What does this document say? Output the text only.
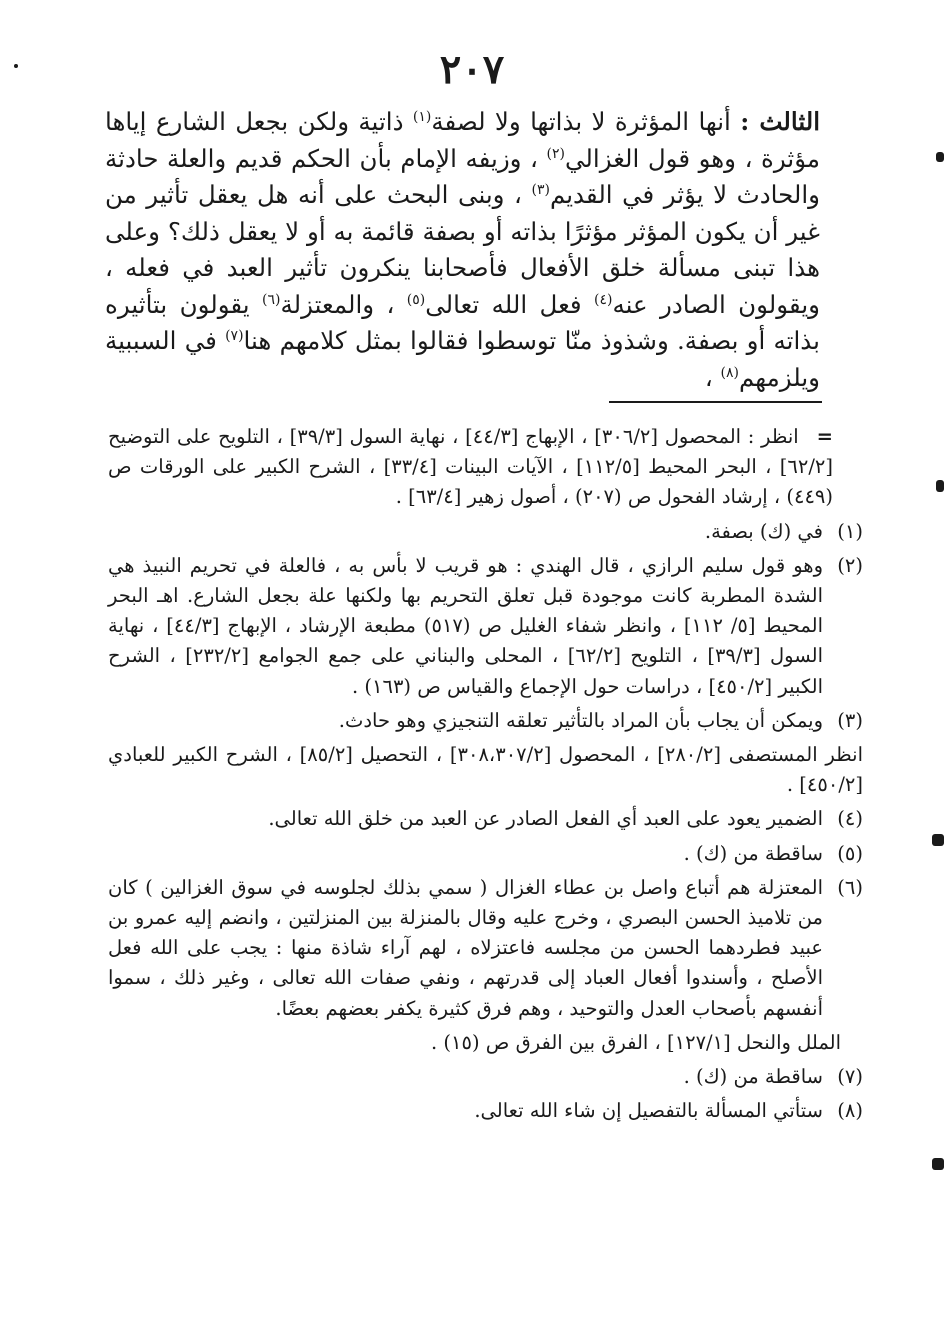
٢٠٧
الثالث : أنها المؤثرة لا بذاتها ولا لصفة$^{(١)}$ ذاتية ولكن بجعل الشارع إياها مؤثرة ، وهو قول الغزالي$^{(٢)}$ ، وزيفه الإمام بأن الحكم قديم والعلة حادثة والحادث لا يؤثر في القديم$^{(٣)}$ ، وبنى البحث على أنه هل يعقل تأثير من غير أن يكون المؤثر مؤثرًا بذاته أو بصفة قائمة به أو لا يعقل ذلك؟ وعلى هذا تبنى مسألة خلق الأفعال فأصحابنا ينكرون تأثير العبد في فعله ، ويقولون الصادر عنه$^{(٤)}$ فعل الله تعالى$^{(٥)}$ ، والمعتزلة$^{(٦)}$ يقولون بتأثيره بذاته أو بصفة. وشذوذ منّا توسطوا فقالوا بمثل كلامهم هنا$^{(٧)}$ في السببية ويلزمهم$^{(٨)}$ ،
=انظر : المحصول [٣٠٦/٢] ، الإبهاج [٤٤/٣] ، نهاية السول [٣٩/٣] ، التلويح على التوضيح [٦٢/٢] ، البحر المحيط [١١٢/٥] ، الآيات البينات [٣٣/٤] ، الشرح الكبير على الورقات ص (٤٤٩) ، إرشاد الفحول ص (٢٠٧) ، أصول زهير [٦٣/٤] .
(١)
في (ك) بصفة.
(٢)
وهو قول سليم الرازي ، قال الهندي : هو قريب لا بأس به ، فالعلة في تحريم النبيذ هي الشدة المطربة كانت موجودة قبل تعلق التحريم بها ولكنها علة بجعل الشارع. اهـ البحر المحيط [٥/ ١١٢] ، وانظر شفاء الغليل ص (٥١٧) مطبعة الإرشاد ، الإبهاج [٤٤/٣] ، نهاية السول [٣٩/٣] ، التلويح [٦٢/٢] ، المحلى والبناني على جمع الجوامع [٢٣٢/٢] ، الشرح الكبير [٤٥٠/٢] ، دراسات حول الإجماع والقياس ص (١٦٣) .
(٣)
ويمكن أن يجاب بأن المراد بالتأثير تعلقه التنجيزي وهو حادث.
انظر المستصفى [٢٨٠/٢] ، المحصول [٣٠٨،٣٠٧/٢] ، التحصيل [٨٥/٢] ، الشرح الكبير للعبادي [٤٥٠/٢] .
(٤)
الضمير يعود على العبد أي الفعل الصادر عن العبد من خلق الله تعالى.
(٥)
ساقطة من (ك) .
(٦)
المعتزلة هم أتباع واصل بن عطاء الغزال ( سمي بذلك لجلوسه في سوق الغزالين ) كان من تلاميذ الحسن البصري ، وخرج عليه وقال بالمنزلة بين المنزلتين ، وانضم إليه عمرو بن عبيد فطردهما الحسن من مجلسه فاعتزلاه ، لهم آراء شاذة منها : يجب على الله فعل الأصلح ، وأسندوا أفعال العباد إلى قدرتهم ، ونفي صفات الله تعالى ، وغير ذلك ، سموا أنفسهم بأصحاب العدل والتوحيد ، وهم فرق كثيرة يكفر بعضهم بعضًا.
الملل والنحل [١٢٧/١] ، الفرق بين الفرق ص (١٥) .
(٧)
ساقطة من (ك) .
(٨)
ستأتي المسألة بالتفصيل إن شاء الله تعالى.
